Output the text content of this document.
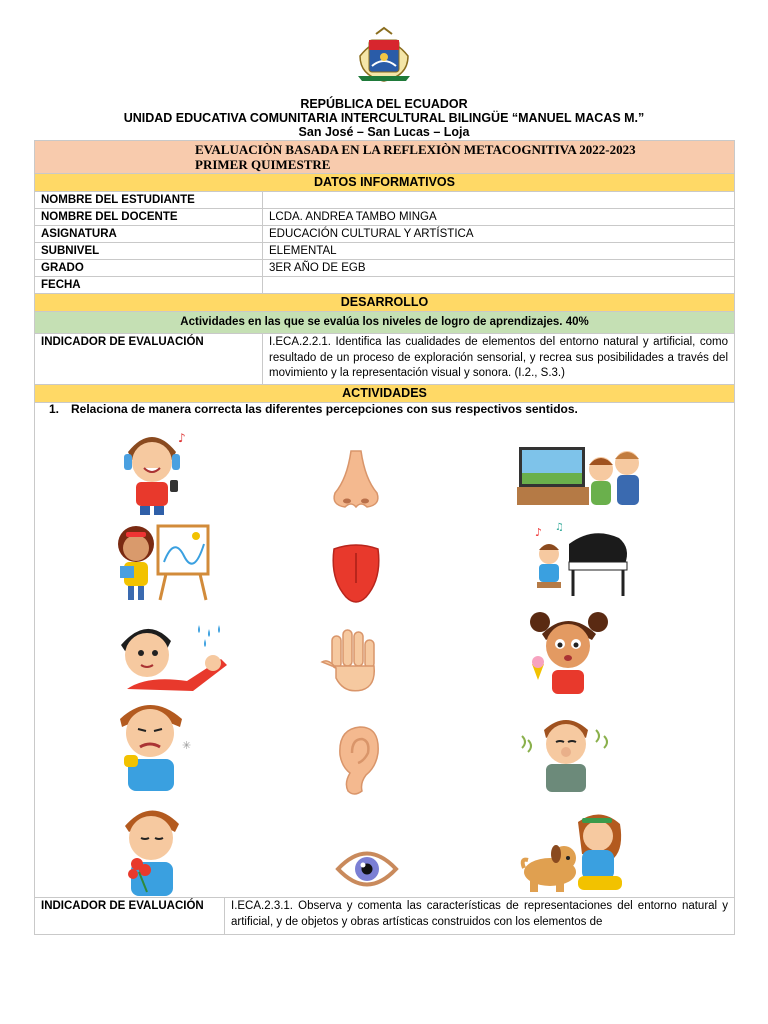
REPÚBLICA DEL ECUADOR
UNIDAD EDUCATIVA COMUNITARIA INTERCULTURAL BILINGÜE “MANUEL MACAS M.”
San José – San Lucas – Loja
EVALUACIÒN BASADA EN LA REFLEXIÒN METACOGNITIVA 2022-2023
PRIMER QUIMESTRE	

DATOS INFORMATIVOS	
NOMBRE DEL ESTUDIANTE	
NOMBRE DEL DOCENTE	LCDA. ANDREA TAMBO MINGA
ASIGNATURA	EDUCACIÓN CULTURAL Y ARTÍSTICA
SUBNIVEL	ELEMENTAL
GRADO	3ER AÑO DE EGB
FECHA	
DESARROLLO	
Actividades en las que se evalúa los niveles de logro de aprendizajes. 40%	
INDICADOR DE EVALUACIÓN	I.ECA.2.2.1. Identifica las cualidades de elementos del entorno natural y artificial, como resultado de un proceso de exploración sensorial, y recrea sus posibilidades a través del movimiento y la representación visual y sonora. (I.2., S.3.)
ACTIVIDADES	
1. Relaciona de manera correcta las diferentes percepciones con sus respectivos sentidos.
♪
✳
♪ ♫
INDICADOR DE EVALUACIÓN	I.ECA.2.3.1. Observa y comenta las características de representaciones del entorno natural y artificial, y de objetos y obras artísticas construidos con los elementos de
